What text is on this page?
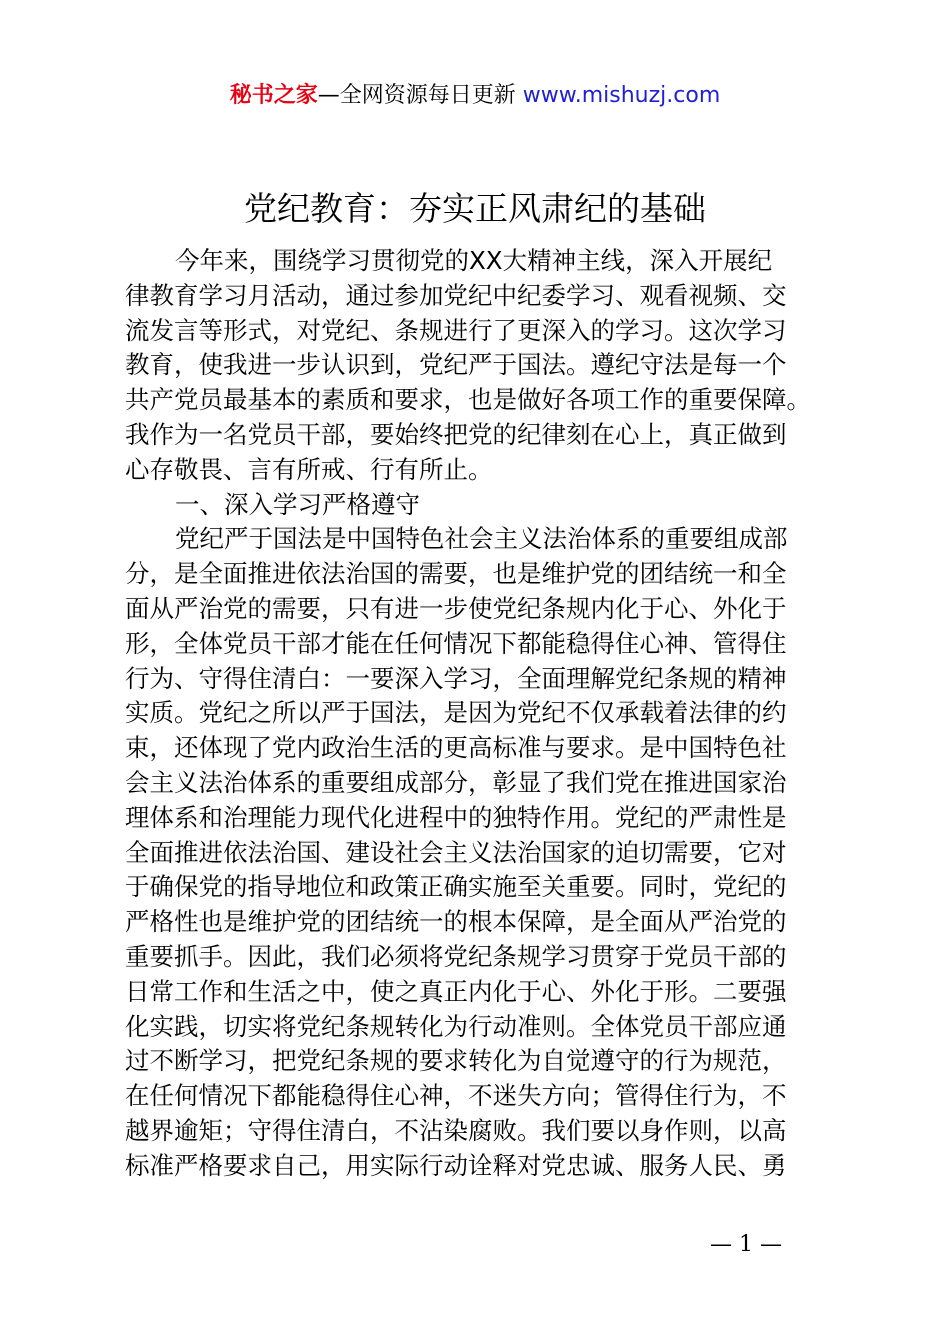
秘书之家—全网资源每日更新 www.mishuzj.com
党纪教育：夯实正风肃纪的基础
今年来，围绕学习贯彻党的XX大精神主线，深入开展纪
律教育学习月活动，通过参加党纪中纪委学习、观看视频、交
流发言等形式，对党纪、条规进行了更深入的学习。这次学习
教育，使我进一步认识到，党纪严于国法。遵纪守法是每一个
共产党员最基本的素质和要求，也是做好各项工作的重要保障。
我作为一名党员干部，要始终把党的纪律刻在心上，真正做到
心存敬畏、言有所戒、行有所止。
一、深入学习严格遵守
党纪严于国法是中国特色社会主义法治体系的重要组成部
分，是全面推进依法治国的需要，也是维护党的团结统一和全
面从严治党的需要，只有进一步使党纪条规内化于心、外化于
形，全体党员干部才能在任何情况下都能稳得住心神、管得住
行为、守得住清白：一要深入学习，全面理解党纪条规的精神
实质。党纪之所以严于国法，是因为党纪不仅承载着法律的约
束，还体现了党内政治生活的更高标准与要求。是中国特色社
会主义法治体系的重要组成部分，彰显了我们党在推进国家治
理体系和治理能力现代化进程中的独特作用。党纪的严肃性是
全面推进依法治国、建设社会主义法治国家的迫切需要，它对
于确保党的指导地位和政策正确实施至关重要。同时，党纪的
严格性也是维护党的团结统一的根本保障，是全面从严治党的
重要抓手。因此，我们必须将党纪条规学习贯穿于党员干部的
日常工作和生活之中，使之真正内化于心、外化于形。二要强
化实践，切实将党纪条规转化为行动准则。全体党员干部应通
过不断学习，把党纪条规的要求转化为自觉遵守的行为规范，
在任何情况下都能稳得住心神，不迷失方向；管得住行为，不
越界逾矩；守得住清白，不沾染腐败。我们要以身作则，以高
标准严格要求自己，用实际行动诠释对党忠诚、服务人民、勇
— 1 —
